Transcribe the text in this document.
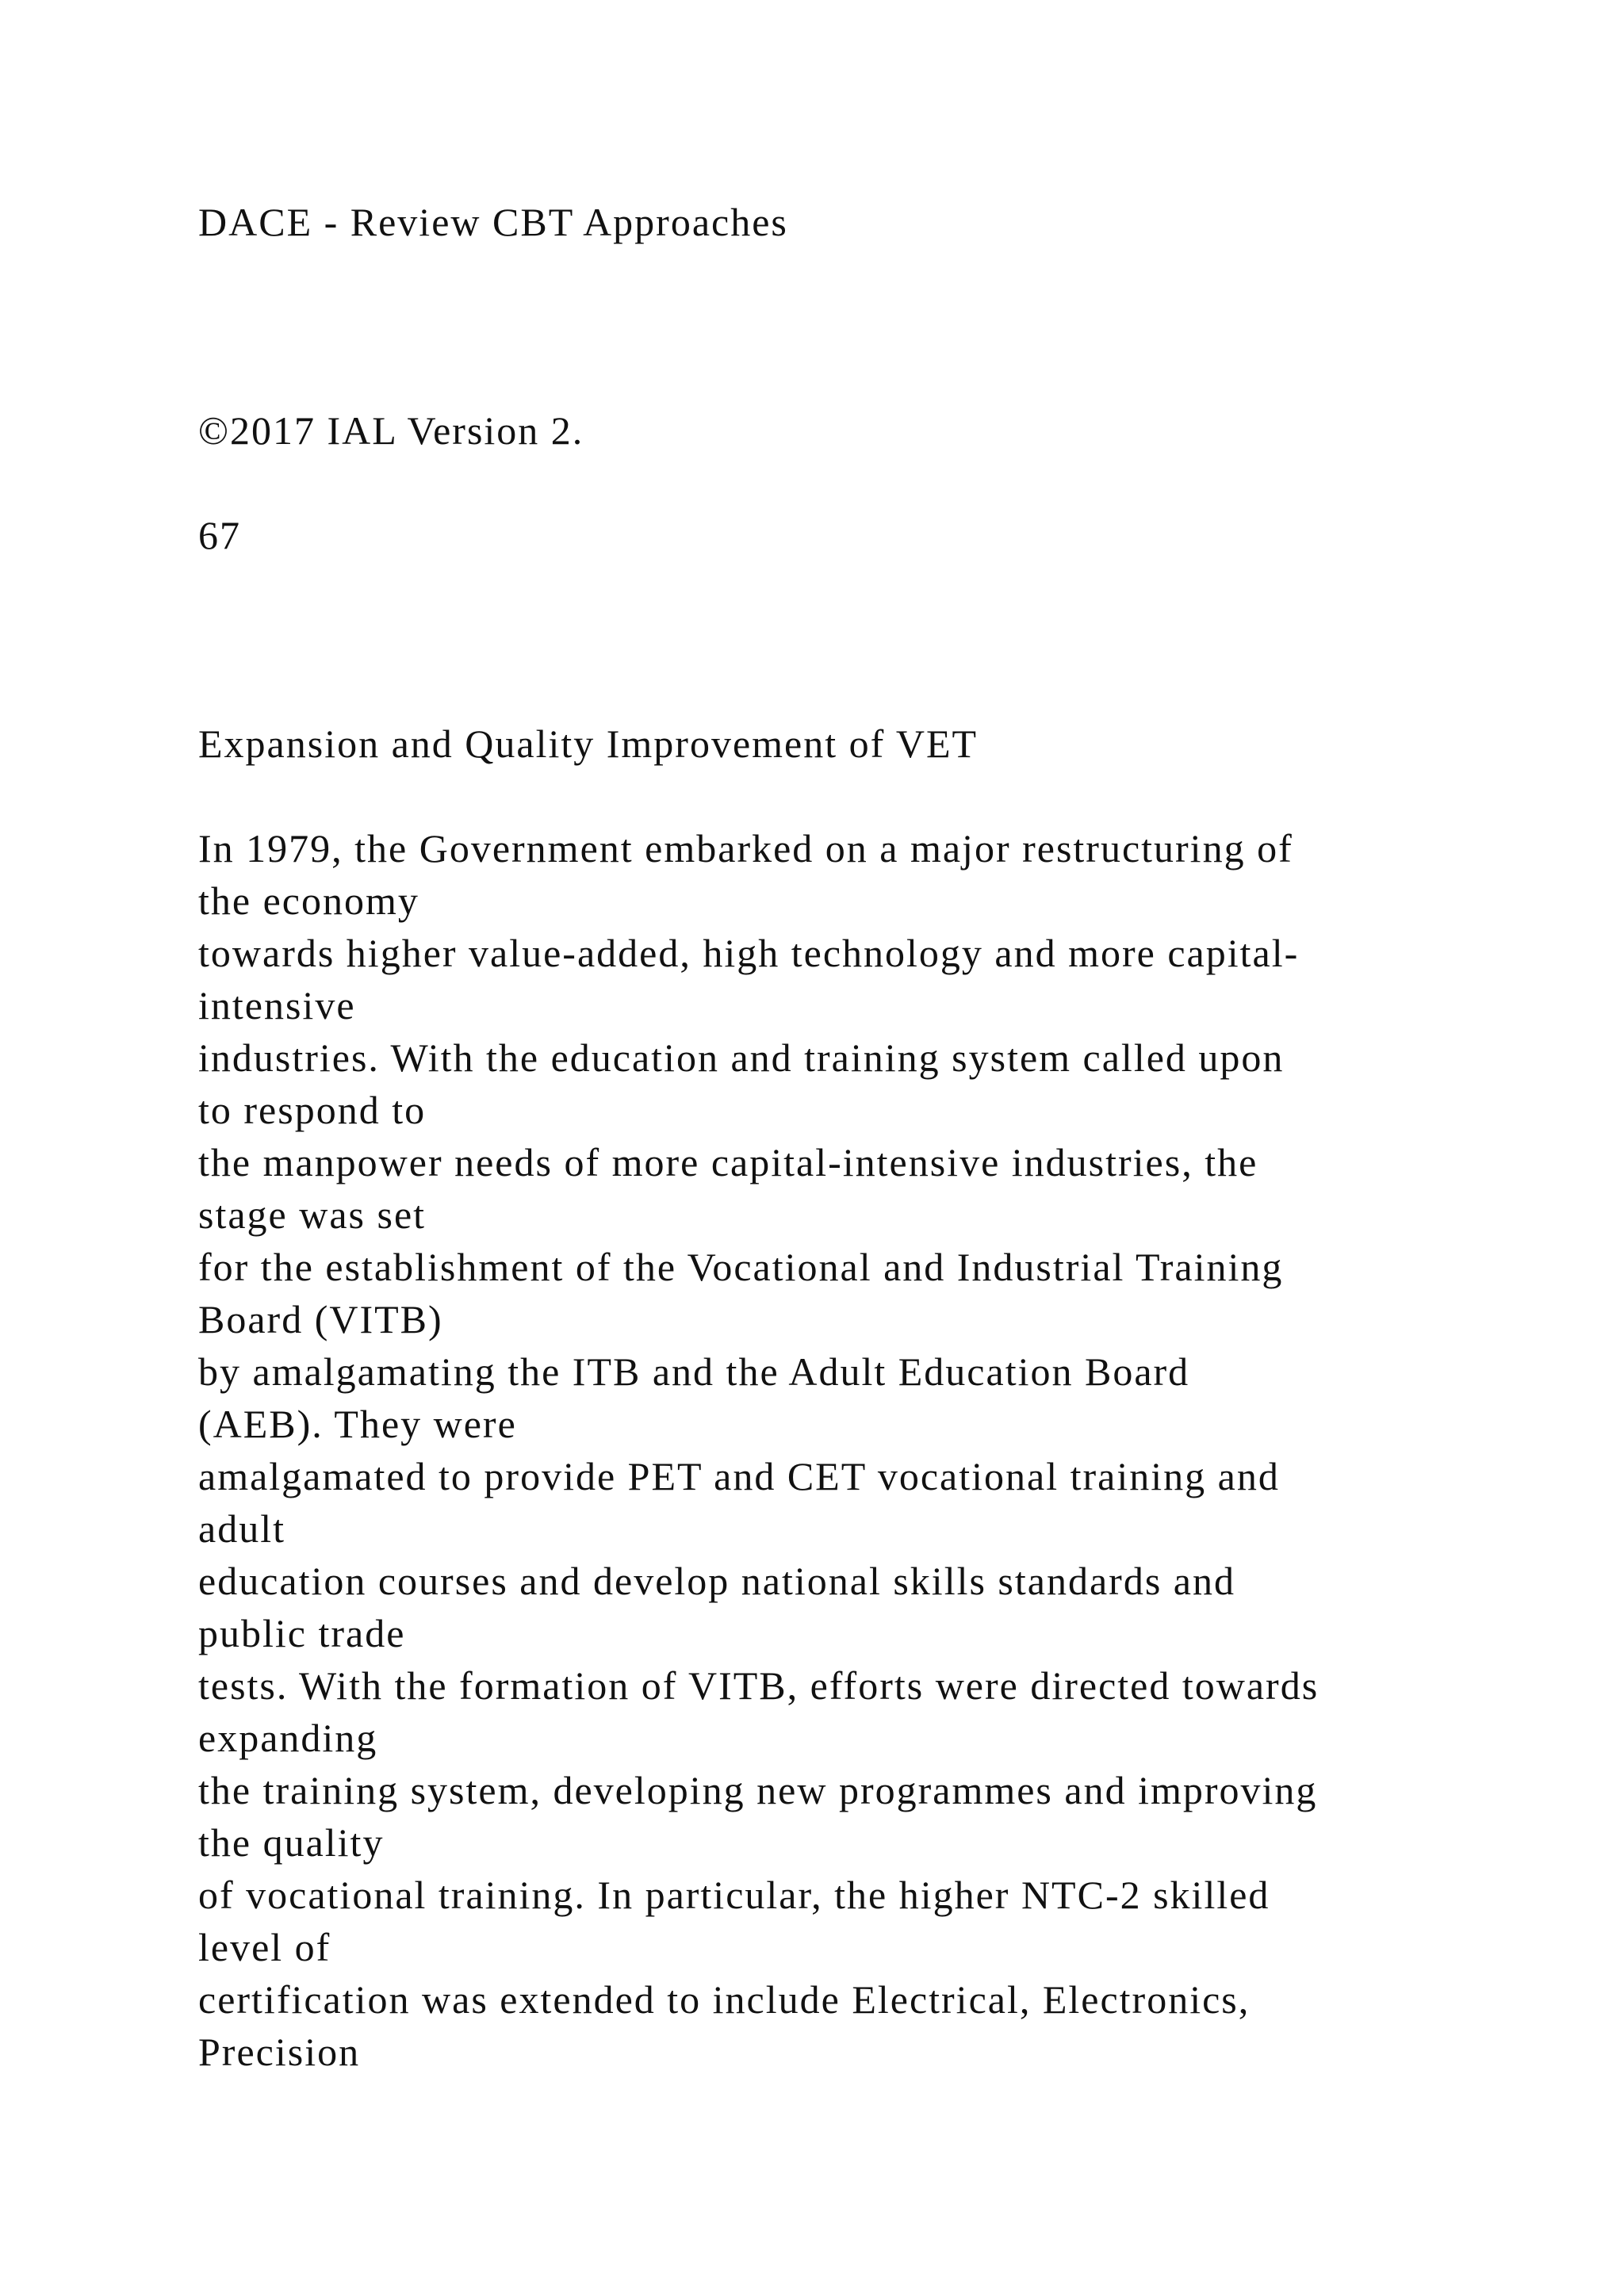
DACE - Review CBT Approaches
©2017 IAL Version 2.
67
Expansion and Quality Improvement of VET
In 1979, the Government embarked on a major restructuring of
the economy
towards higher value-added, high technology and more capital-
intensive
industries. With the education and training system called upon
to respond to
the manpower needs of more capital-intensive industries, the
stage was set
for the establishment of the Vocational and Industrial Training
Board (VITB)
by amalgamating the ITB and the Adult Education Board
(AEB). They were
amalgamated to provide PET and CET vocational training and
adult
education courses and develop national skills standards and
public trade
tests. With the formation of VITB, efforts were directed towards
expanding
the training system, developing new programmes and improving
the quality
of vocational training. In particular, the higher NTC-2 skilled
level of
certification was extended to include Electrical, Electronics,
Precision
